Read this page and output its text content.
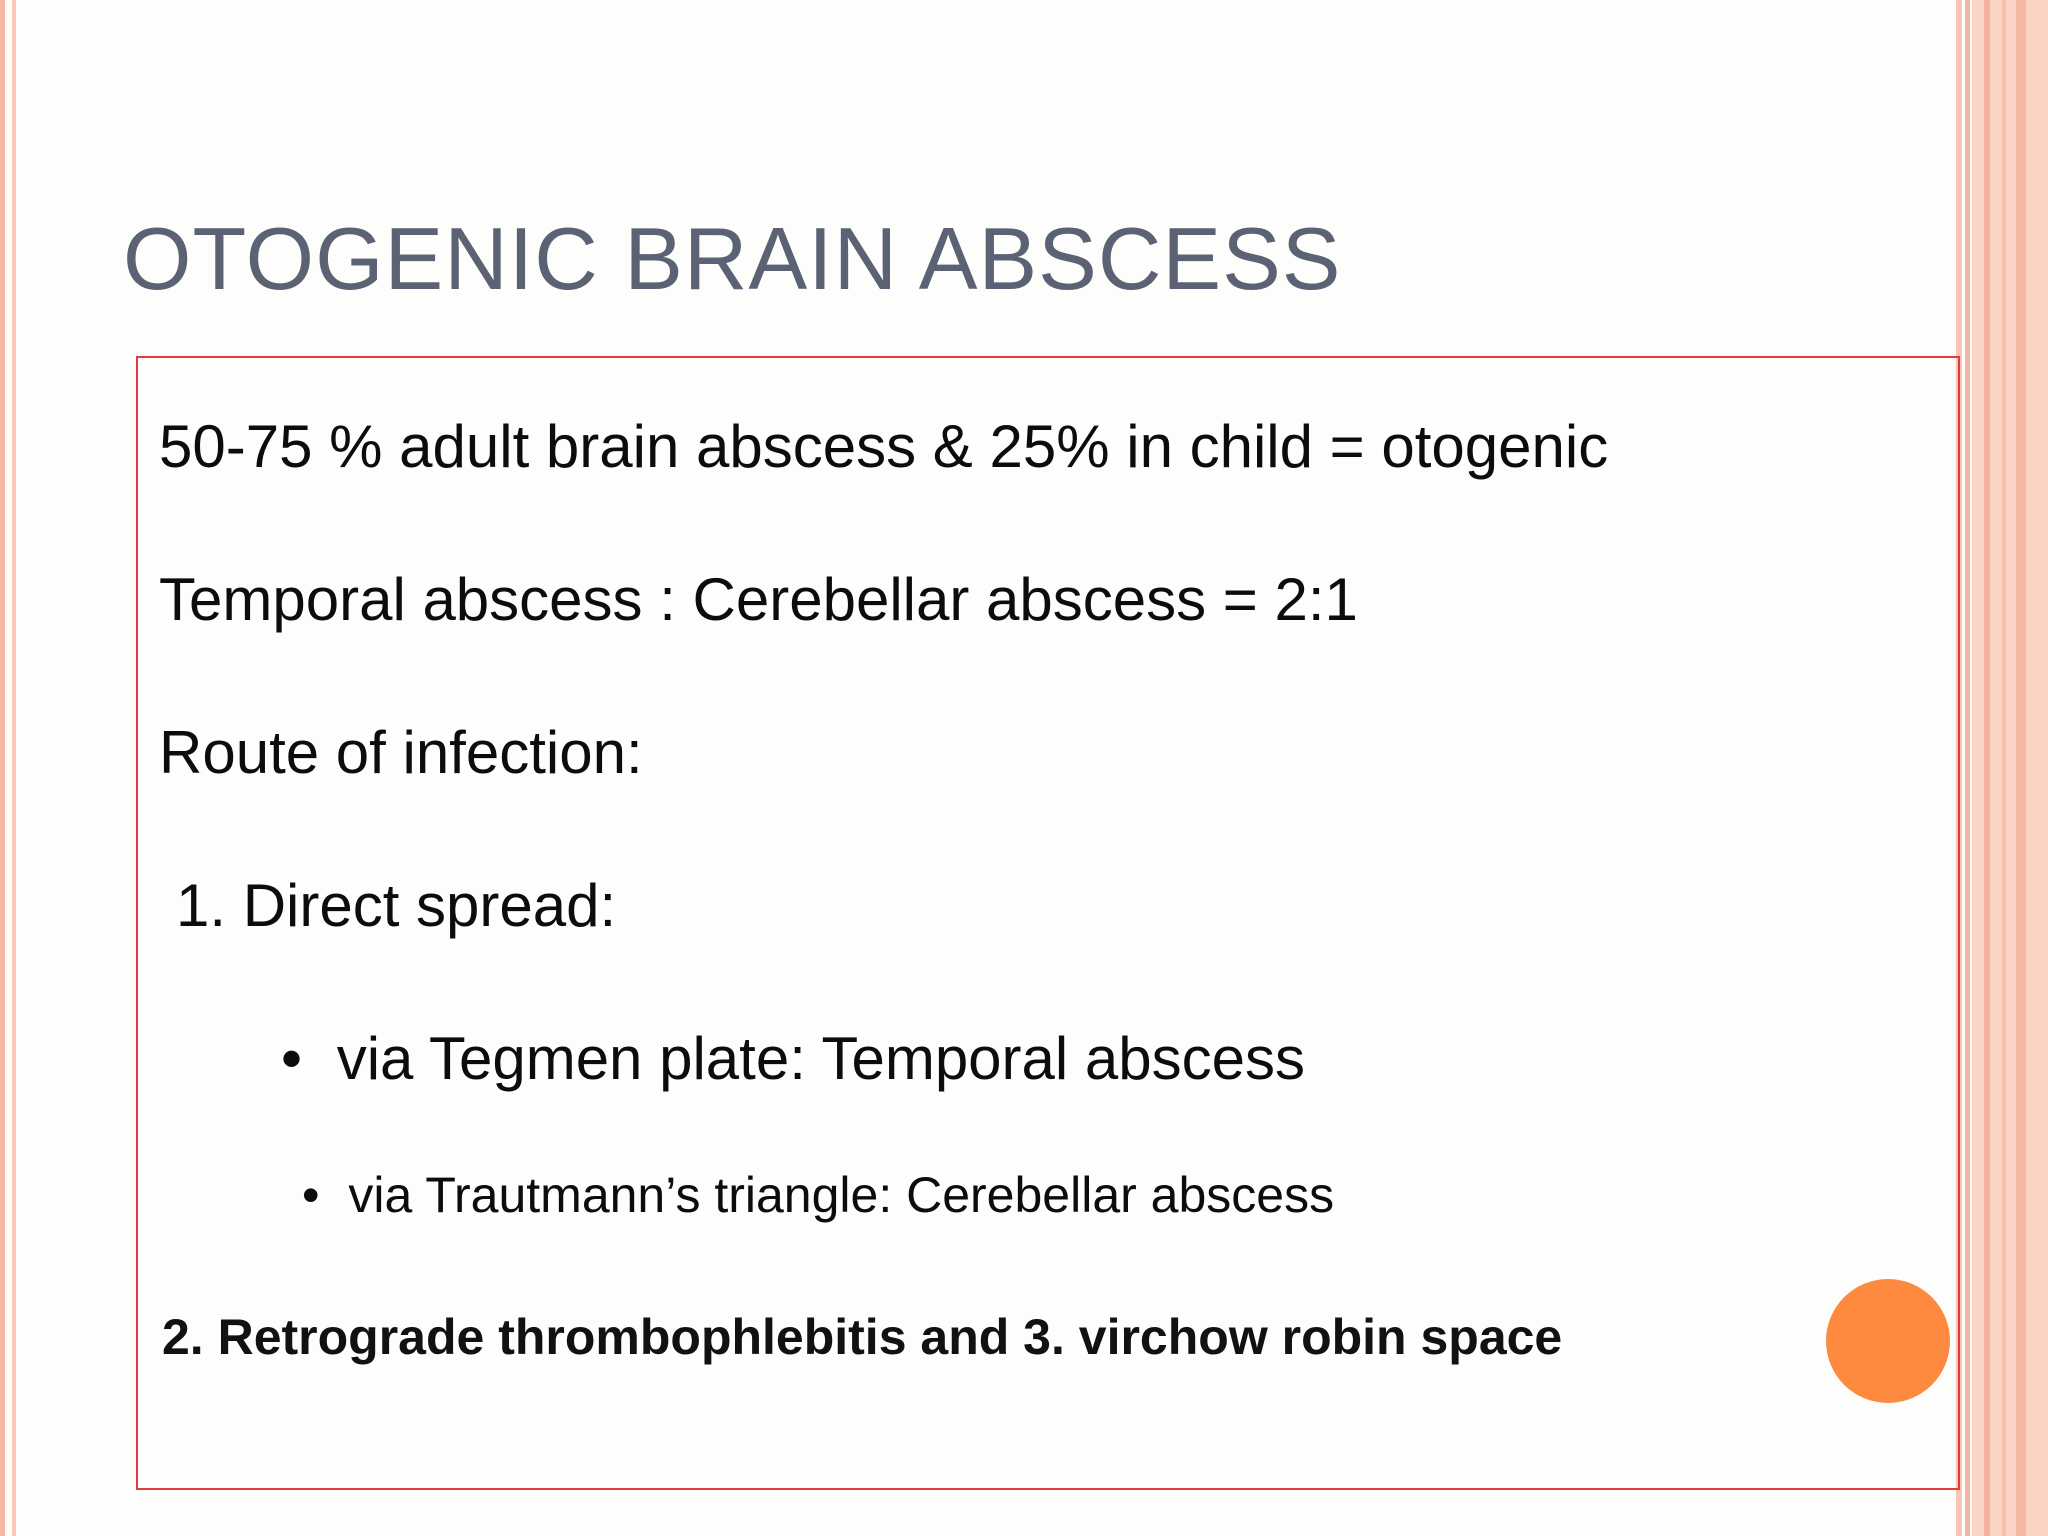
OTOGENIC BRAIN ABSCESS
50-75 % adult brain abscess & 25% in child = otogenic
Temporal abscess : Cerebellar abscess = 2:1
Route of infection:
1. Direct spread:
• via Tegmen plate: Temporal abscess
• via Trautmann’s triangle: Cerebellar abscess
2. Retrograde thrombophlebitis and 3. virchow robin space
